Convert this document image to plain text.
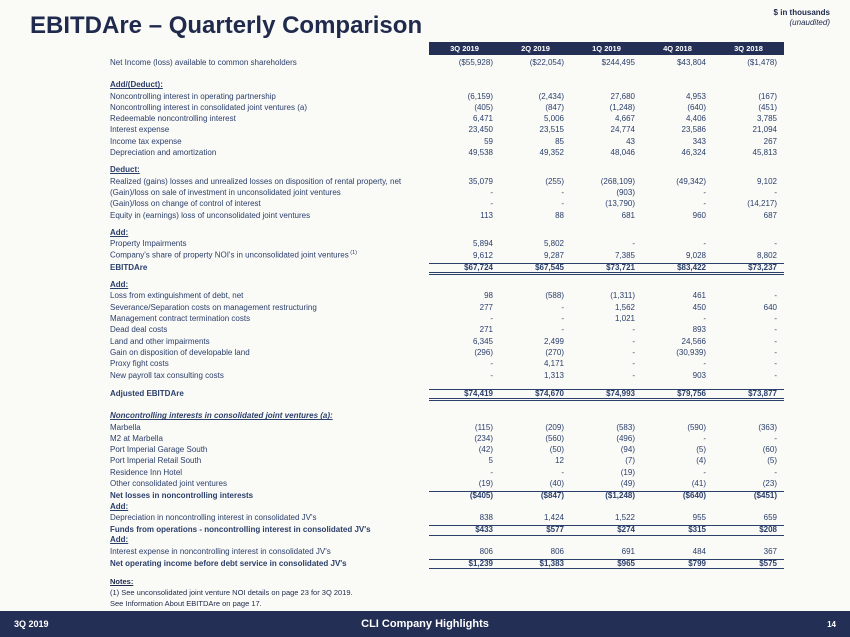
EBITDAre – Quarterly Comparison	$ in thousands
(unaudited)
3Q 2019	2Q 2019	1Q 2019	4Q 2018	3Q 2018
Net Income (loss) available to common shareholders	($55,928)	($22,054)	$244,495	$43,804	($1,478)
Add/(Deduct):
Noncontrolling interest in operating partnership	(6,159)	(2,434)	27,680	4,953	(167)
Noncontrolling interest in consolidated joint ventures (a)	(405)	(847)	(1,248)	(640)	(451)
Redeemable noncontrolling interest	6,471	5,006	4,667	4,406	3,785
Interest expense	23,450	23,515	24,774	23,586	21,094
Income tax expense	59	85	43	343	267
Depreciation and amortization	49,538	49,352	48,046	46,324	45,813
Deduct:
Realized (gains) losses and unrealized losses on disposition of rental property, net	35,079	(255)	(268,109)	(49,342)	9,102
(Gain)/loss on sale of investment in unconsolidated joint ventures	-	-	(903)	-	-
(Gain)/loss on change of control of interest	-	-	(13,790)	-	(14,217)
Equity in (earnings) loss of unconsolidated joint ventures	113	88	681	960	687
Add:
Property Impairments	5,894	5,802	-	-	-
Company's share of property NOI's in unconsolidated joint ventures $^{(1)}$	9,612	9,287	7,385	9,028	8,802
EBITDAre	$67,724	$67,545	$73,721	$83,422	$73,237
Add:
Loss from extinguishment of debt, net	98	(588)	(1,311)	461	-
Severance/Separation costs on management restructuring	277	-	1,562	450	640
Management contract termination costs	-	-	1,021	-	-
Dead deal costs	271	-	-	893	-
Land and other impairments	6,345	2,499	-	24,566	-
Gain on disposition of developable land	(296)	(270)	-	(30,939)	-
Proxy fight costs	-	4,171	-	-	-
New payroll tax consulting costs	-	1,313	-	903	-
Adjusted EBITDAre	$74,419	$74,670	$74,993	$79,756	$73,877
Noncontrolling interests in consolidated joint ventures (a):
Marbella	(115)	(209)	(583)	(590)	(363)
M2 at Marbella	(234)	(560)	(496)	-	-
Port Imperial Garage South	(42)	(50)	(94)	(5)	(60)
Port Imperial Retail South	5	12	(7)	(4)	(5)
Residence Inn Hotel	-	-	(19)	-	-
Other consolidated joint ventures	(19)	(40)	(49)	(41)	(23)
Net losses in noncontrolling interests	($405)	($847)	($1,248)	($640)	($451)
Add:
Depreciation in noncontrolling interest in consolidated JV's	838	1,424	1,522	955	659
Funds from operations - noncontrolling interest in consolidated JV's	$433	$577	$274	$315	$208
Add:
Interest expense in noncontrolling interest in consolidated JV's	806	806	691	484	367
Net operating income before debt service in consolidated JV's	$1,239	$1,383	$965	$799	$575
Notes:
(1) See unconsolidated joint venture NOI details on page 23 for 3Q 2019.
See Information About EBITDAre on page 17.
3Q 2019	CLI Company Highlights	14
